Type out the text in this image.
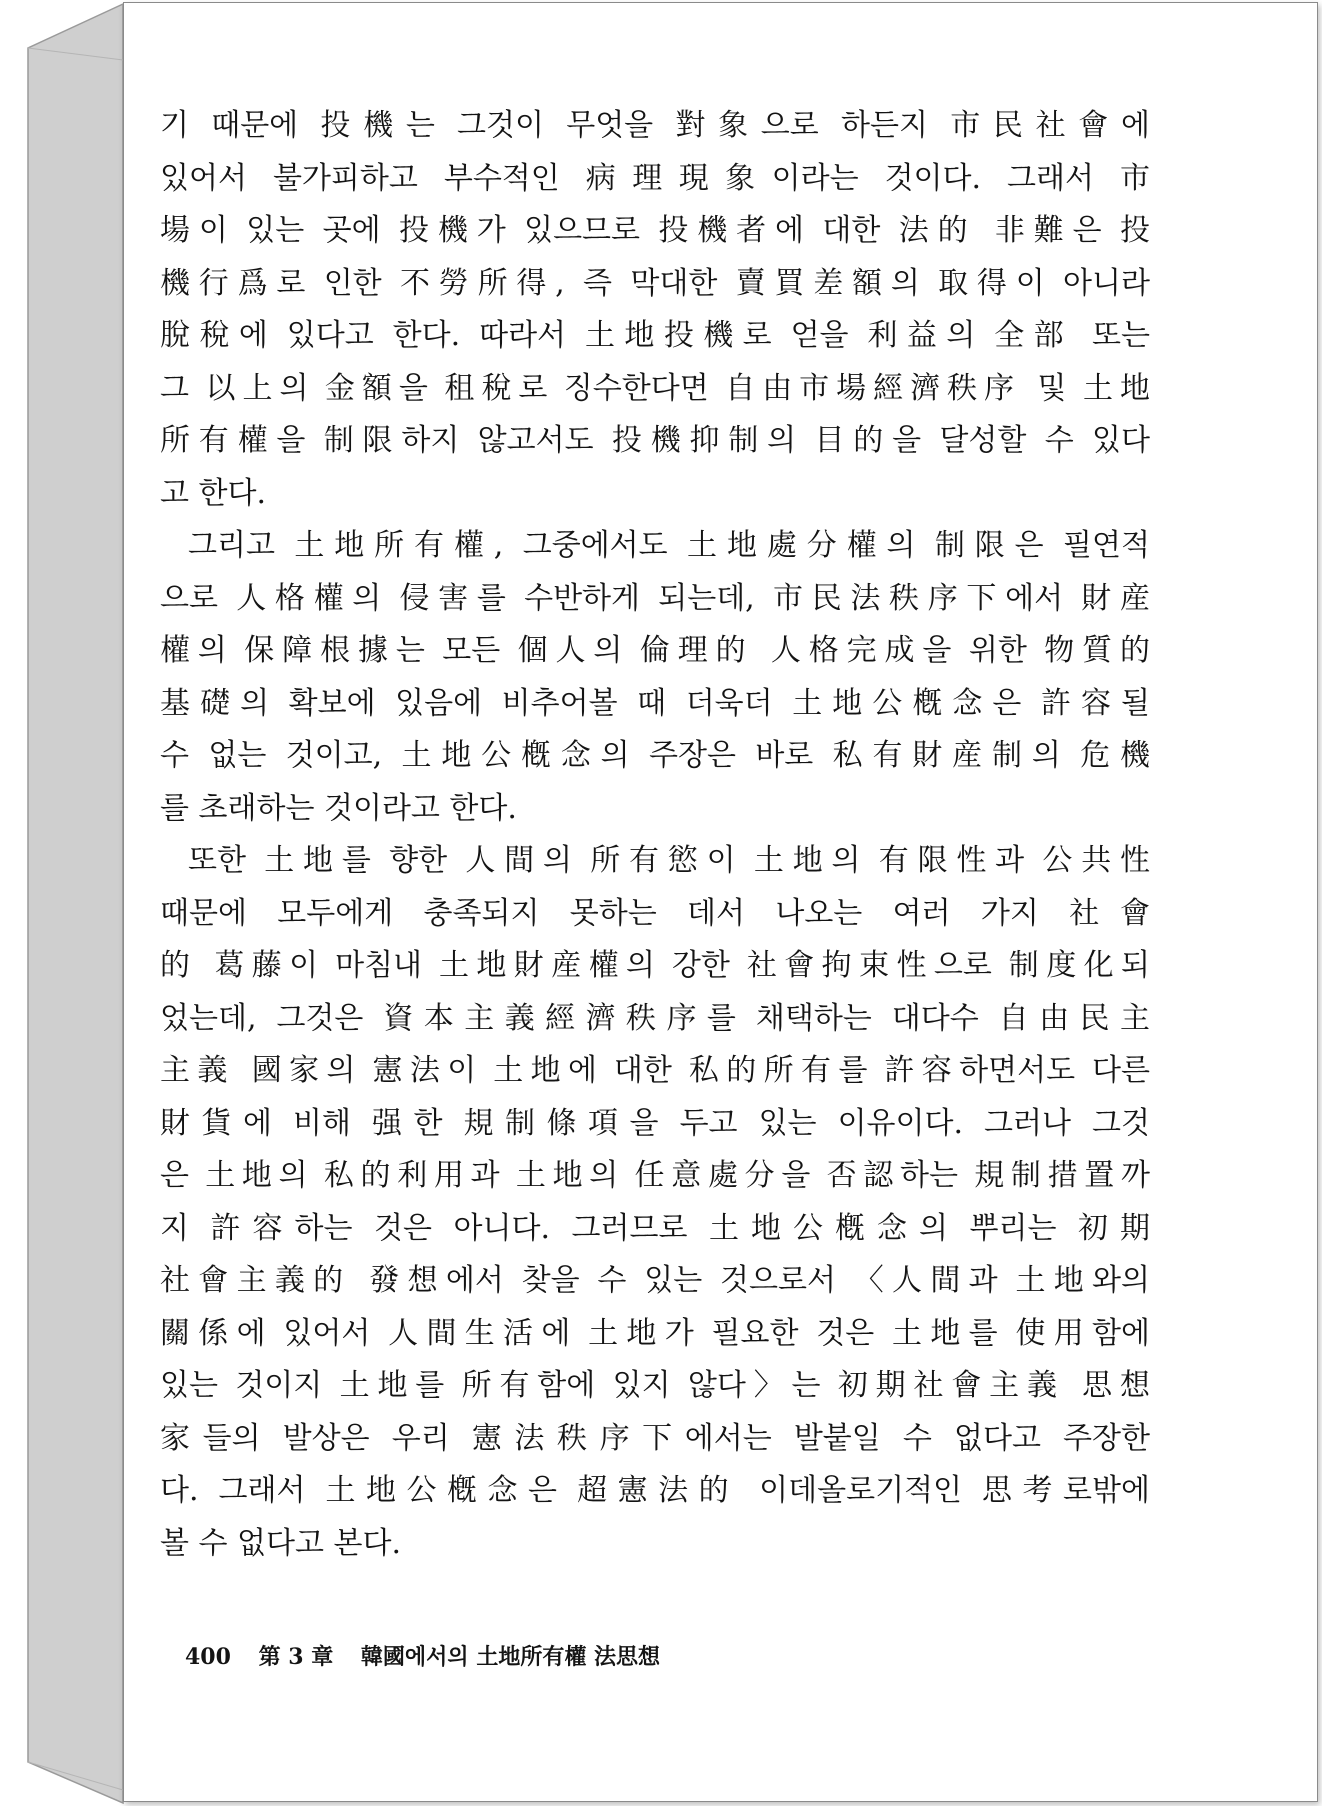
기 때문에 投機는 그것이 무엇을 對象으로 하든지 市民社會에
있어서 불가피하고 부수적인 病理現象이라는 것이다. 그래서 市
場이 있는 곳에 投機가 있으므로 投機者에 대한 法的 非難은 投
機行爲로 인한 不勞所得, 즉 막대한 賣買差額의 取得이 아니라
脫稅에 있다고 한다. 따라서 土地投機로 얻을 利益의 全部 또는
그 以上의 金額을 租稅로 징수한다면 自由市場經濟秩序 및 土地
所有權을 制限하지 않고서도 投機抑制의 目的을 달성할 수 있다
고 한다.
그리고 土地所有權, 그중에서도 土地處分權의 制限은 필연적
으로 人格權의 侵害를 수반하게 되는데, 市民法秩序下에서 財産
權의 保障根據는 모든 個人의 倫理的 人格完成을 위한 物質的
基礎의 확보에 있음에 비추어볼 때 더욱더 土地公槪念은 許容될
수 없는 것이고, 土地公槪念의 주장은 바로 私有財産制의 危機
를 초래하는 것이라고 한다.
또한 土地를 향한 人間의 所有慾이 土地의 有限性과 公共性
때문에 모두에게 충족되지 못하는 데서 나오는 여러 가지 社會
的 葛藤이 마침내 土地財産權의 강한 社會拘束性으로 制度化되
었는데, 그것은 資本主義經濟秩序를 채택하는 대다수 自由民主
主義 國家의 憲法이 土地에 대한 私的所有를 許容하면서도 다른
財貨에 비해 强한 規制條項을 두고 있는 이유이다. 그러나 그것
은 土地의 私的利用과 土地의 任意處分을 否認하는 規制措置까
지 許容하는 것은 아니다. 그러므로 土地公槪念의 뿌리는 初期
社會主義的 發想에서 찾을 수 있는 것으로서 〈人間과 土地와의
關係에 있어서 人間生活에 土地가 필요한 것은 土地를 使用함에
있는 것이지 土地를 所有함에 있지 않다〉는 初期社會主義 思想
家들의 발상은 우리 憲法秩序下에서는 발붙일 수 없다고 주장한
다. 그래서 土地公槪念은 超憲法的 이데올로기적인 思考로밖에
볼 수 없다고 본다.
400 第 3 章 韓國에서의 土地所有權 法思想
